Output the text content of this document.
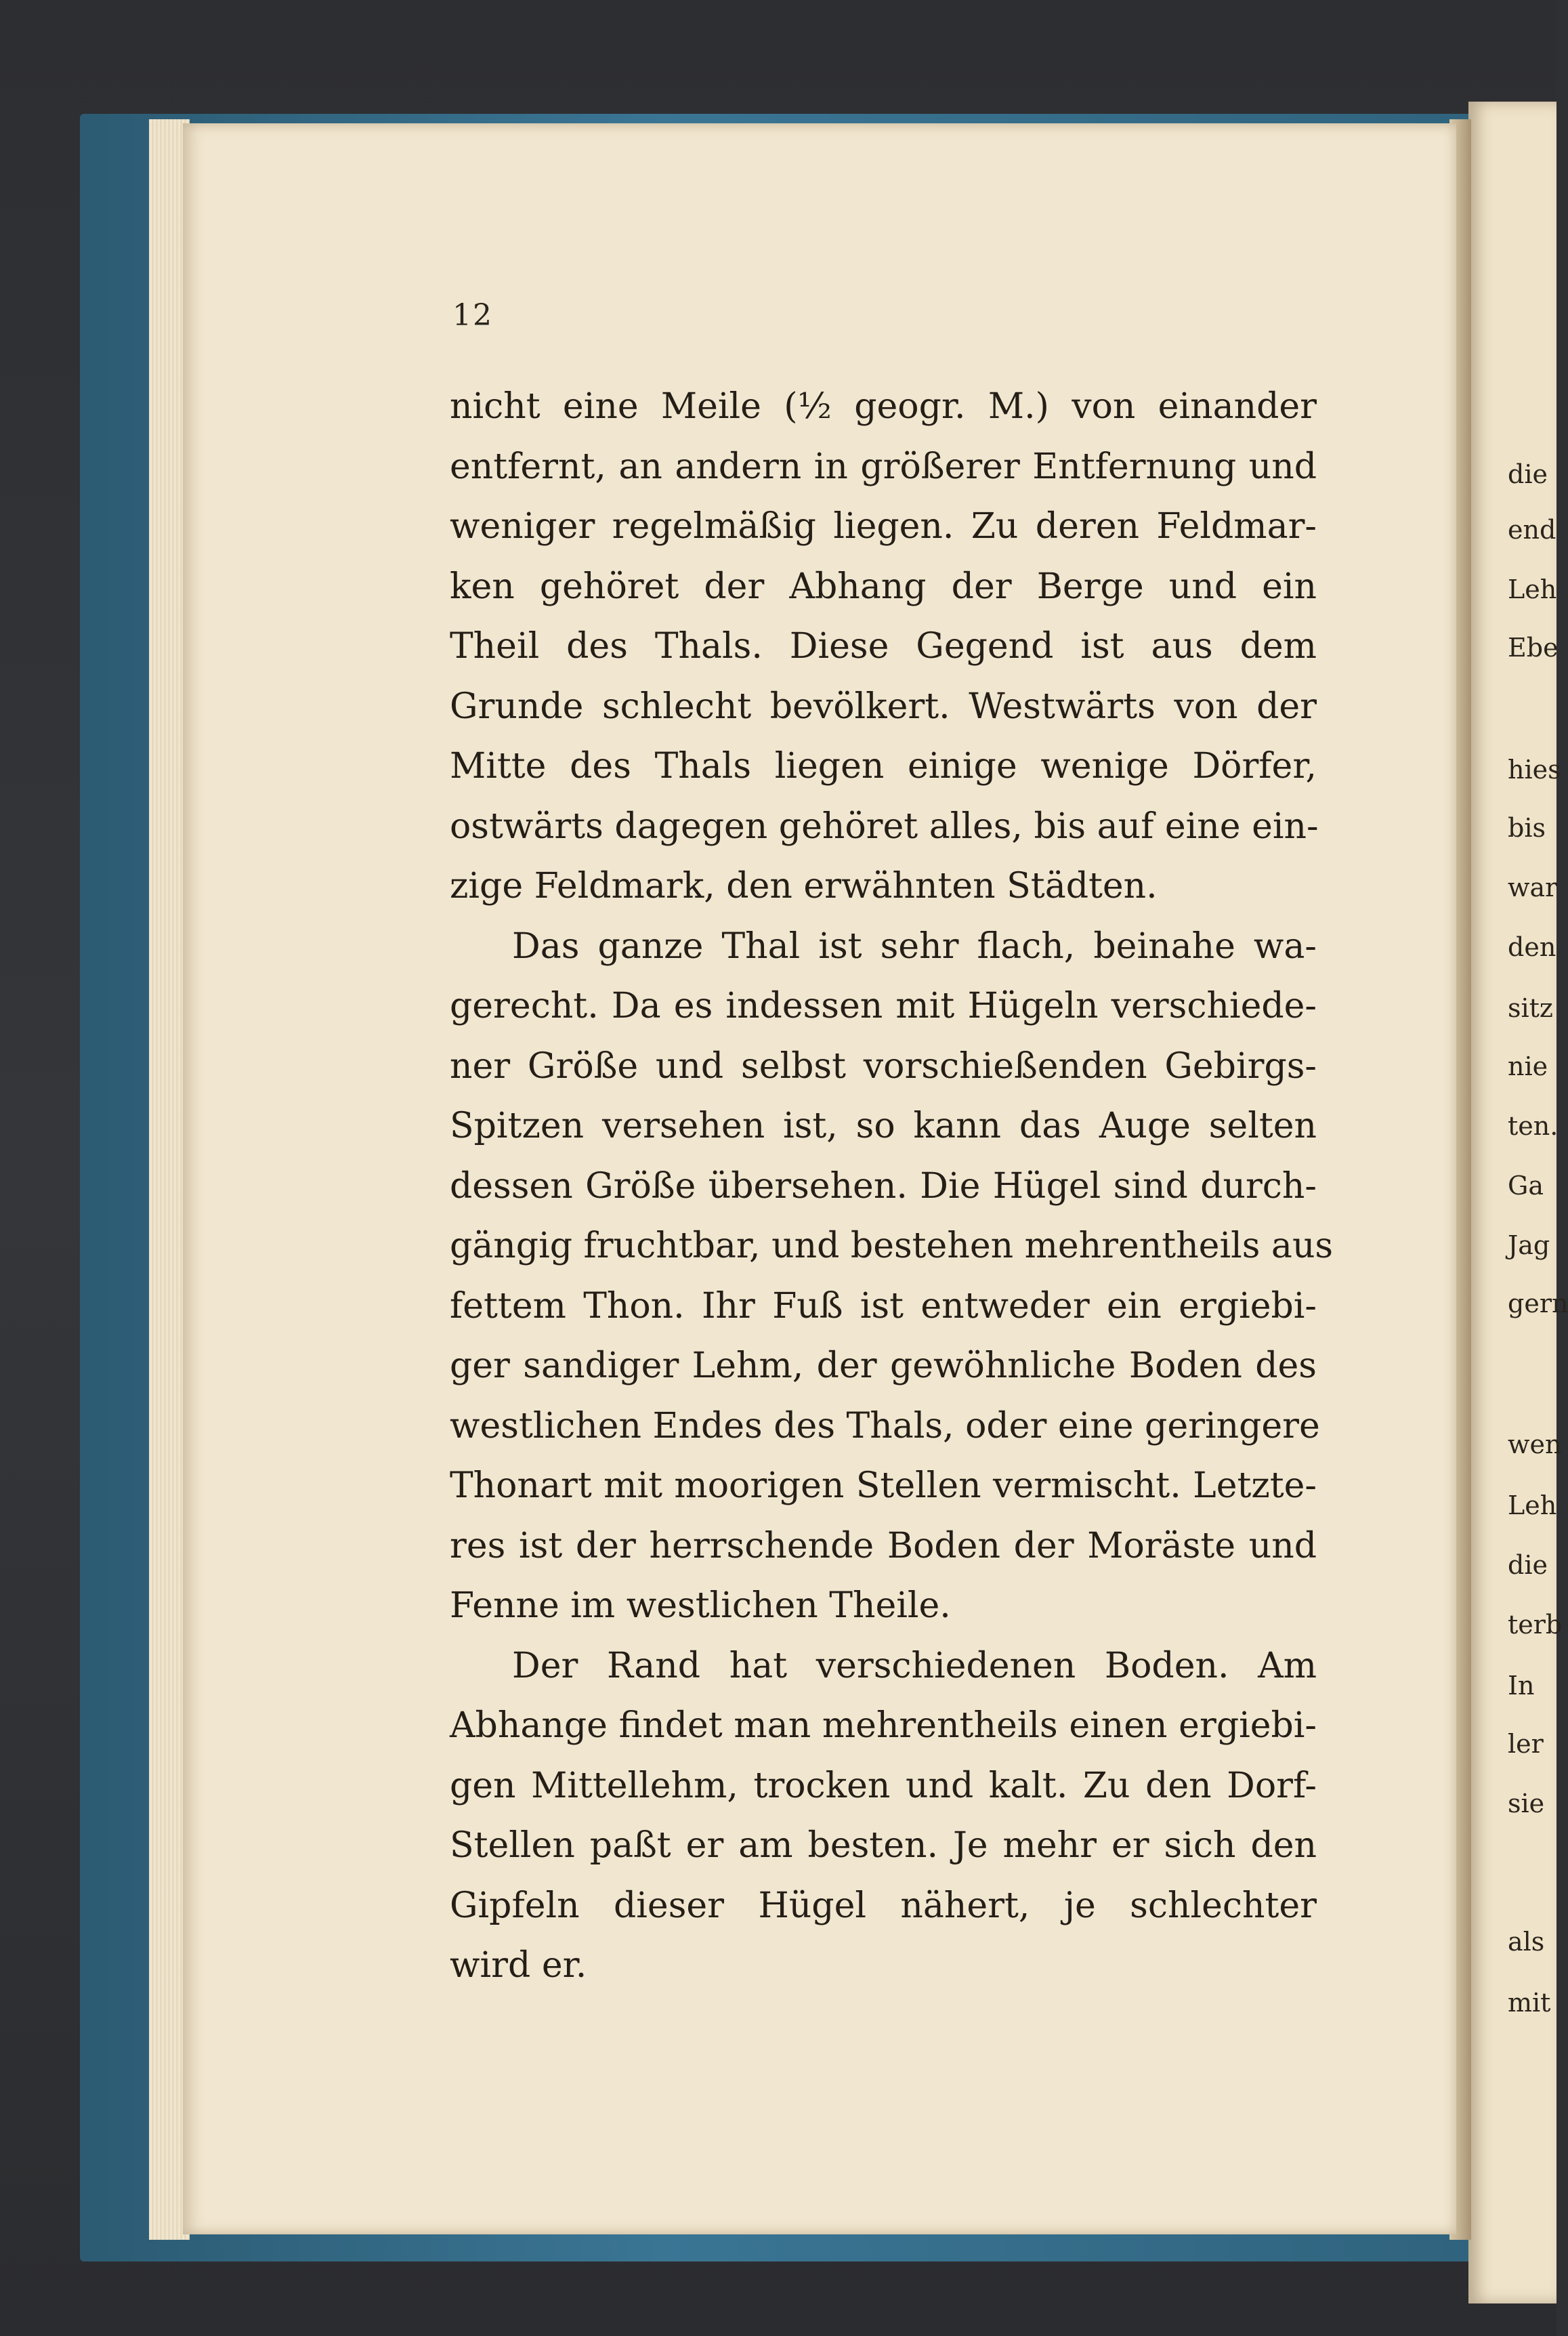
12

nicht eine Meile (½ geogr. M.) von einander

entfernt, an andern in größerer Entfernung und

weniger regelmäßig liegen. Zu deren Feldmar-

ken gehöret der Abhang der Berge und ein

Theil des Thals. Diese Gegend ist aus dem

Grunde schlecht bevölkert. Westwärts von der

Mitte des Thals liegen einige wenige Dörfer,

ostwärts dagegen gehöret alles, bis auf eine ein-

zige Feldmark, den erwähnten Städten.

Das ganze Thal ist sehr flach, beinahe wa-

gerecht. Da es indessen mit Hügeln verschiede-

ner Größe und selbst vorschießenden Gebirgs-

Spitzen versehen ist, so kann das Auge selten

dessen Größe übersehen. Die Hügel sind durch-

gängig fruchtbar, und bestehen mehrentheils aus

fettem Thon. Ihr Fuß ist entweder ein ergiebi-

ger sandiger Lehm, der gewöhnliche Boden des

westlichen Endes des Thals, oder eine geringere

Thonart mit moorigen Stellen vermischt. Letzte-

res ist der herrschende Boden der Moräste und

Fenne im westlichen Theile.

Der Rand hat verschiedenen Boden. Am

Abhange findet man mehrentheils einen ergiebi-

gen Mittellehm, trocken und kalt. Zu den Dorf-

Stellen paßt er am besten. Je mehr er sich den

Gipfeln dieser Hügel nähert, je schlechter

wird er.

die
end
Leh
Ebe
hies
bis
war
den
sitz
nie
ten.
Ga
Jag
gern
wen
Leh
die
terb
In
ler
sie
als
mit
